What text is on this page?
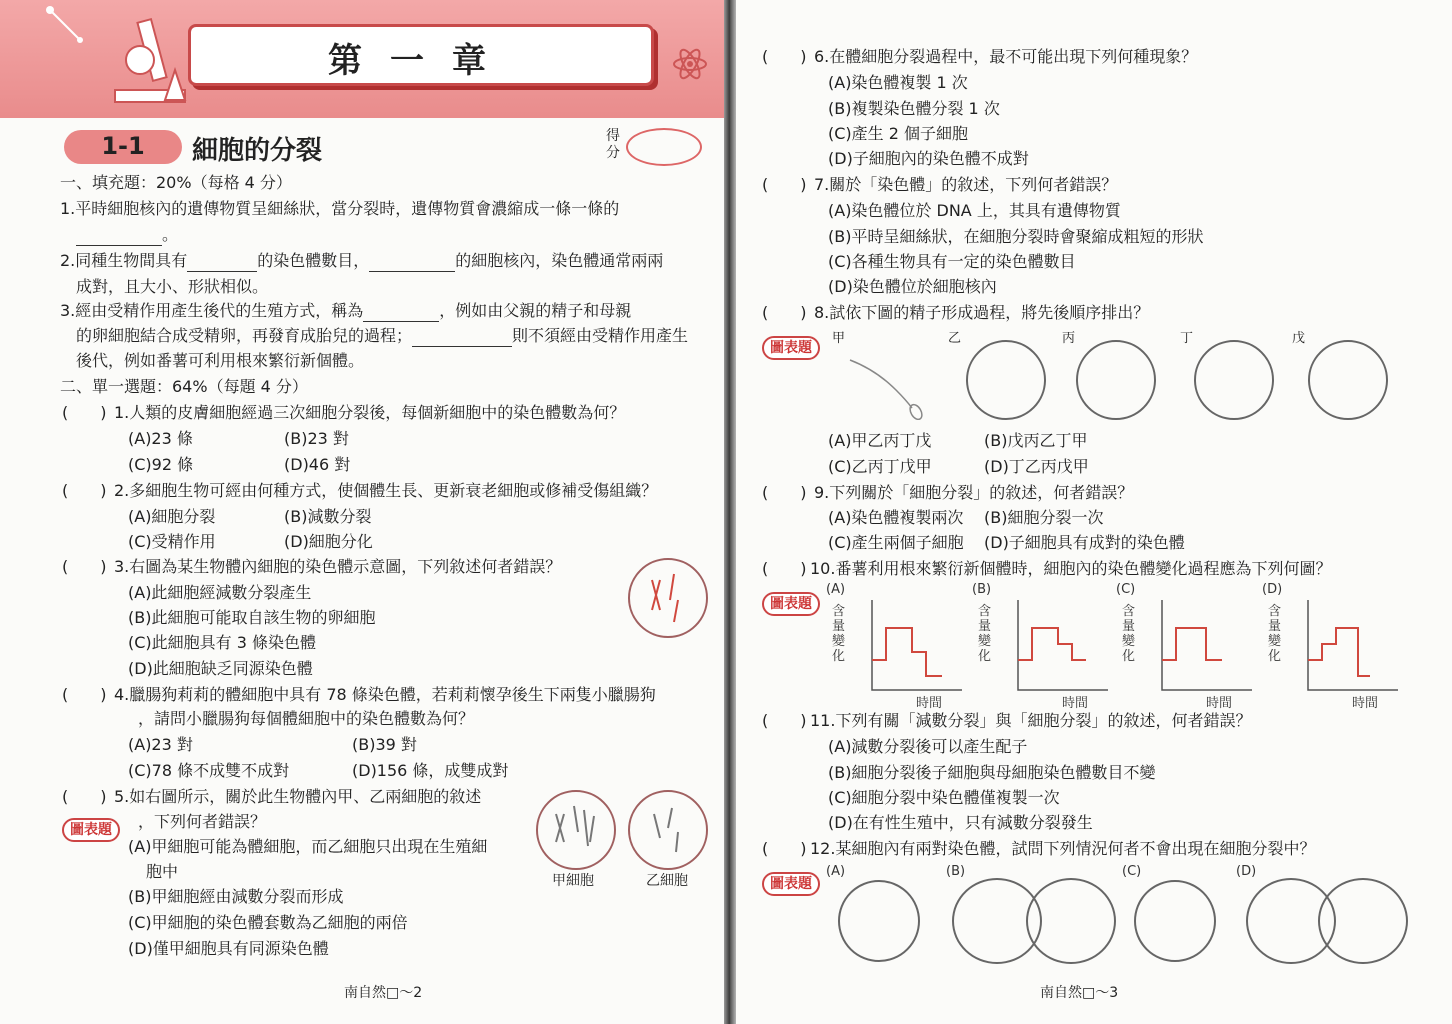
第一章
1-1	細胞的分裂	得分
一、填充題：20%（每格 4 分）
1.平時細胞核內的遺傳物質呈細絲狀，當分裂時，遺傳物質會濃縮成一條一條的
。
2.同種生物間具有	的染色體數目，	的細胞核內，染色體通常兩兩
成對，且大小、形狀相似。
3.經由受精作用產生後代的生殖方式，稱為	，例如由父親的精子和母親
的卵細胞結合成受精卵，再發育成胎兒的過程；	則不須經由受精作用產生
後代，例如番薯可利用根來繁衍新個體。
二、單一選題：64%（每題 4 分）
(　　) 1.人類的皮膚細胞經過三次細胞分裂後，每個新細胞中的染色體數為何？
(A)23 條	(B)23 對
(C)92 條	(D)46 對
(　　) 2.多細胞生物可經由何種方式，使個體生長、更新衰老細胞或修補受傷組織？
(A)細胞分裂	(B)減數分裂
(C)受精作用	(D)細胞分化
(　　) 3.右圖為某生物體內細胞的染色體示意圖，下列敘述何者錯誤？
(A)此細胞經減數分裂產生
(B)此細胞可能取自該生物的卵細胞
(C)此細胞具有 3 條染色體
(D)此細胞缺乏同源染色體
(　　) 4.臘腸狗莉莉的體細胞中具有 78 條染色體，若莉莉懷孕後生下兩隻小臘腸狗
，請問小臘腸狗每個體細胞中的染色體數為何？
(A)23 對	(B)39 對
(C)78 條不成雙不成對	(D)156 條，成雙成對
(　　) 5.如右圖所示，關於此生物體內甲、乙兩細胞的敘述
圖表題	，下列何者錯誤？
(A)甲細胞可能為體細胞，而乙細胞只出現在生殖細
胞中
(B)甲細胞經由減數分裂而形成
(C)甲細胞的染色體套數為乙細胞的兩倍
(D)僅甲細胞具有同源染色體
甲細胞	乙細胞
南自然□～2
(　　) 6.在體細胞分裂過程中，最不可能出現下列何種現象？
(A)染色體複製 1 次
(B)複製染色體分裂 1 次
(C)產生 2 個子細胞
(D)子細胞內的染色體不成對
(　　) 7.關於「染色體」的敘述，下列何者錯誤？
(A)染色體位於 DNA 上，其具有遺傳物質
(B)平時呈細絲狀，在細胞分裂時會聚縮成粗短的形狀
(C)各種生物具有一定的染色體數目
(D)染色體位於細胞核內
(　　) 8.試依下圖的精子形成過程，將先後順序排出？
圖表題
甲	乙	丙	丁	戊
(A)甲乙丙丁戊	(B)戊丙乙丁甲
(C)乙丙丁戊甲	(D)丁乙丙戊甲
(　　) 9.下列關於「細胞分裂」的敘述，何者錯誤？
(A)染色體複製兩次 (B)細胞分裂一次
(C)產生兩個子細胞 (D)子細胞具有成對的染色體
(　　) 10.番薯利用根來繁衍新個體時，細胞內的染色體變化過程應為下列何圖？
圖表題
(A)	(B)	(C)	(D)
含量變化
含量變化
含量變化
含量變化
時間	時間	時間	時間
(　　) 11.下列有關「減數分裂」與「細胞分裂」的敘述，何者錯誤？
(A)減數分裂後可以產生配子
(B)細胞分裂後子細胞與母細胞染色體數目不變
(C)細胞分裂中染色體僅複製一次
(D)在有性生殖中，只有減數分裂發生
(　　) 12.某細胞內有兩對染色體，試問下列情況何者不會出現在細胞分裂中？
圖表題
(A)	(B)	(C)	(D)
南自然□～3
